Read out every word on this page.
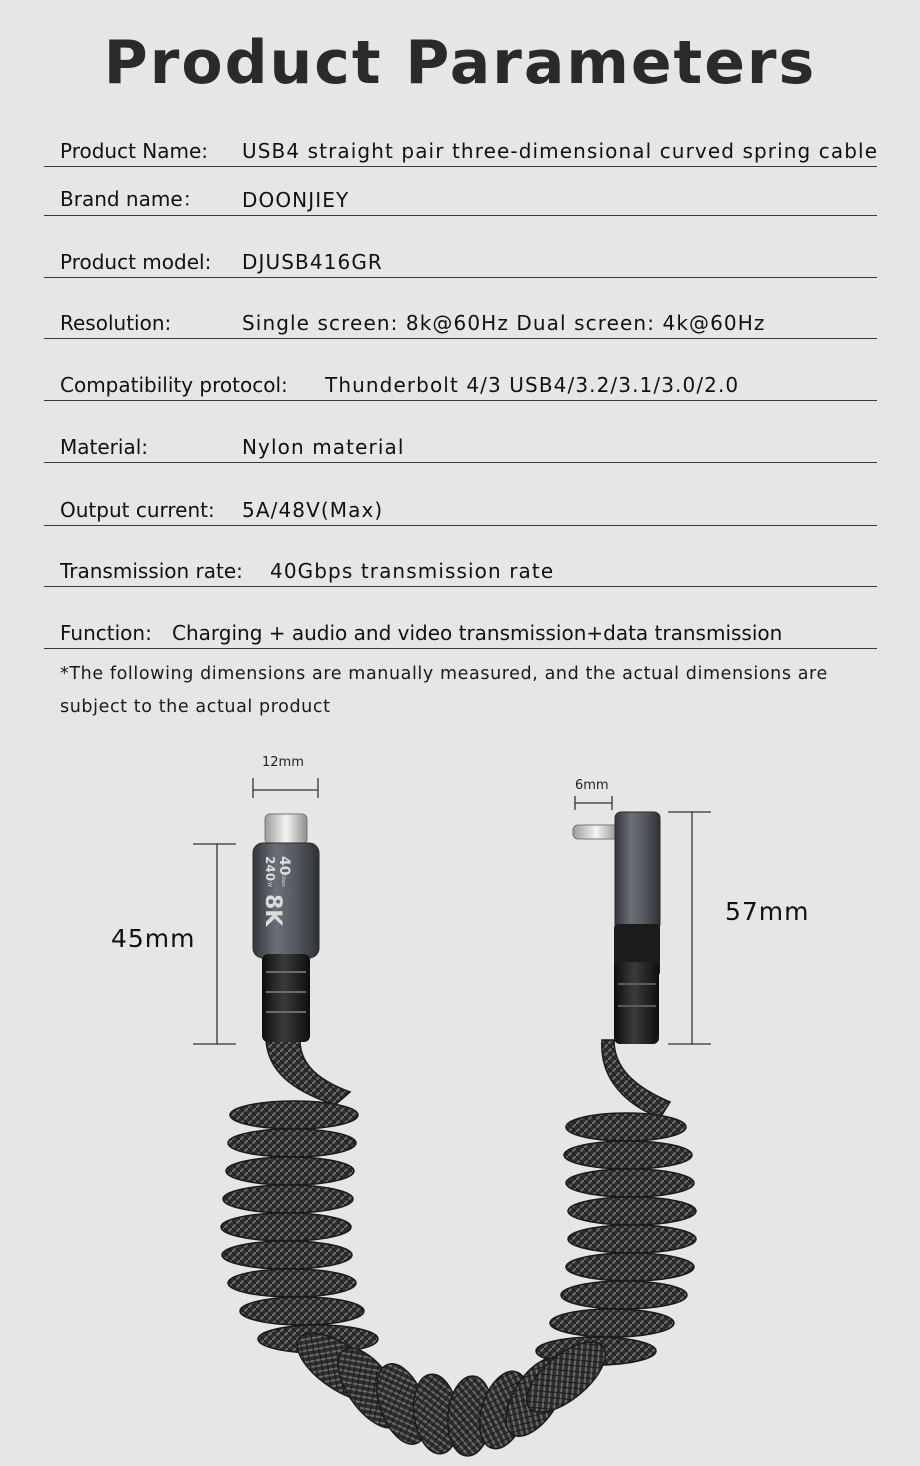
Product Parameters
Product Name: USB4 straight pair three-dimensional curved spring cable
Brand name： DOONJIEY
Product model: DJUSB416GR
Resolution:	Single screen: 8k@60Hz Dual screen: 4k@60Hz
Compatibility protocol: Thunderbolt 4/3 USB4/3.2/3.1/3.0/2.0
Material:	Nylon material
Output current: 5A/48V(Max)
Transmission rate: 40Gbps transmission rate
Function: Charging + audio and video transmission+data transmission
*The following dimensions are manually measured, and the actual dimensions are subject to the actual product
12mm
6mm
45mm
57mm
40
Gbps
240
W
8K
